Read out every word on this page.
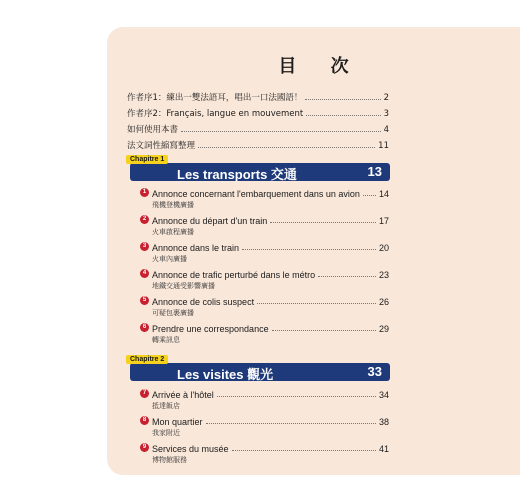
目 次
作者序1：練出一雙法語耳，唱出一口法國語！	2
作者序2：Français, langue en mouvement	3
如何使用本書	4
法文詞性縮寫整理	11
Chapitre 1
Les transports 交通	13
1 Annonce concernant l'embarquement dans un avion 14
飛機登機廣播
2 Annonce du départ d'un train	17
火車啟程廣播
3 Annonce dans le train	20
火車內廣播
4 Annonce de trafic perturbé dans le métro	23
地鐵交通受影響廣播
5 Annonce de colis suspect	26
可疑包裹廣播
6 Prendre une correspondance	29
轉乘訊息
Chapitre 2
Les visites 觀光	33
7 Arrivée à l'hôtel	34
抵達飯店
8 Mon quartier	38
我家附近
9 Services du musée	41
博物館服務
